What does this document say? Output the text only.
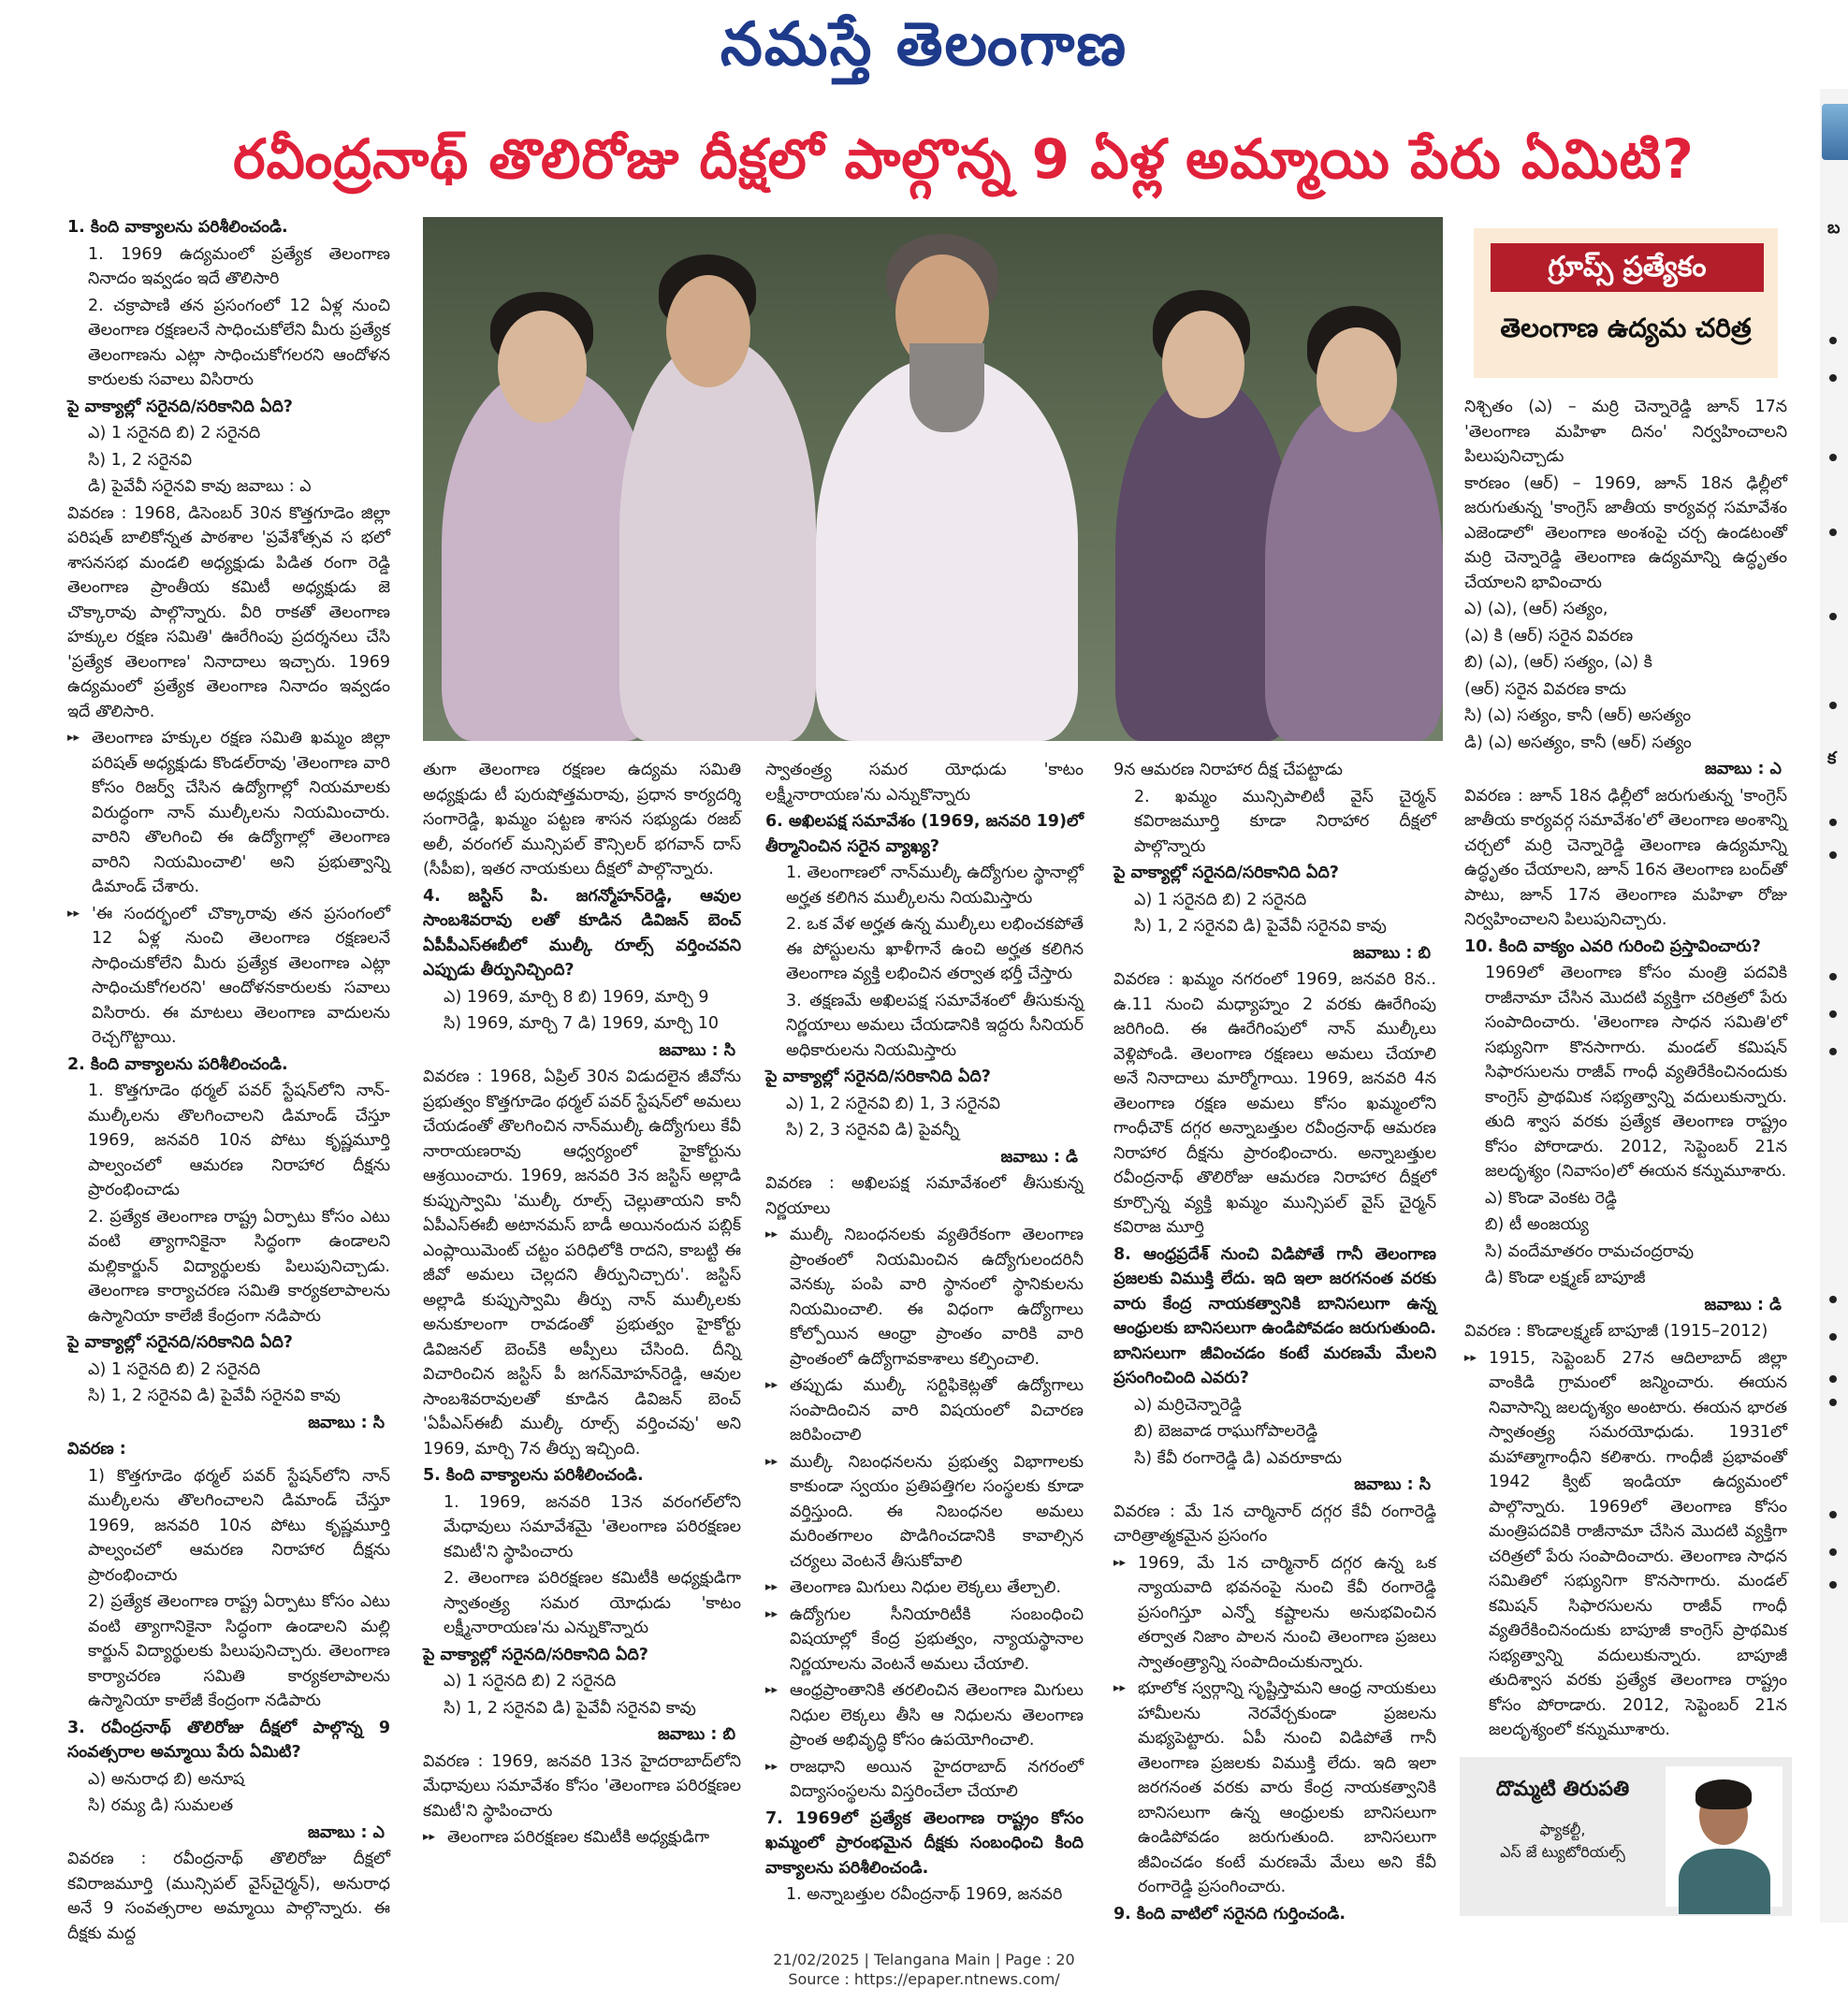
నమస్తే తెలంగాణ
రవీంద్రనాథ్ తొలిరోజు దీక్షలో పాల్గొన్న 9 ఏళ్ల అమ్మాయి పేరు ఏమిటి?
గ్రూప్స్ ప్రత్యేకం
తెలంగాణ ఉద్యమ చరిత్ర

1. కింది వాక్యాలను పరిశీలించండి.

1. 1969 ఉద్యమంలో ప్రత్యేక తెలంగాణ నినాదం ఇవ్వడం ఇదే తొలిసారి

2. చక్రాపాణి తన ప్రసంగంలో 12 ఏళ్ల నుంచి తెలంగాణ రక్షణలనే సాధించుకోలేని మీరు ప్రత్యేక తెలంగాణను ఎట్లా సాధించుకోగలరని ఆందోళన కారులకు సవాలు విసిరారు

పై వాక్యాల్లో సరైనది/సరికానిది ఏది?

ఎ) 1 సరైనది బి) 2 సరైనది

సి) 1, 2 సరైనవి

డి) పైవేవీ సరైనవి కావు జవాబు : ఎ

వివరణ : 1968, డిసెంబర్ 30న కొత్తగూడెం జిల్లా పరిషత్ బాలికోన్నత పాఠశాల 'ప్రవేశోత్సవ స భలో శాసనసభ మండలి అధ్యక్షుడు పిడిత రంగా రెడ్డి తెలంగాణ ప్రాంతీయ కమిటీ అధ్యక్షుడు జె చొక్కారావు పాల్గొన్నారు. వీరి రాకతో తెలంగాణ హక్కుల రక్షణ సమితి' ఊరేగింపు ప్రదర్శనలు చేసి 'ప్రత్యేక తెలంగాణ' నినాదాలు ఇచ్చారు. 1969 ఉద్యమంలో ప్రత్యేక తెలంగాణ నినాదం ఇవ్వడం ఇదే తొలిసారి.

▸▸ తెలంగాణ హక్కుల రక్షణ సమితి ఖమ్మం జిల్లా పరిషత్ అధ్యక్షుడు కొండల్‌రావు 'తెలంగాణ వారి కోసం రిజర్వ్ చేసిన ఉద్యోగాల్లో నియమాలకు విరుద్ధంగా నాన్ ముల్కీలను నియమించారు. వారిని తొలగించి ఈ ఉద్యోగాల్లో తెలంగాణ వారిని నియమించాలి' అని ప్రభుత్వాన్ని డిమాండ్ చేశారు.

▸▸ 'ఈ సందర్భంలో చొక్కారావు తన ప్రసంగంలో 12 ఏళ్ల నుంచి తెలంగాణ రక్షణలనే సాధించుకోలేని మీరు ప్రత్యేక తెలంగాణ ఎట్లా సాధించుకోగలరని' ఆందోళనకారులకు సవాలు విసిరారు. ఈ మాటలు తెలంగాణ వాదులను రెచ్చగొట్టాయి.

2. కింది వాక్యాలను పరిశీలించండి.

1. కొత్తగూడెం థర్మల్ పవర్ స్టేషన్‌లోని నాన్-ముల్కీలను తొలగించాలని డిమాండ్ చేస్తూ 1969, జనవరి 10న పోటు కృష్ణమూర్తి పాల్వంచలో ఆమరణ నిరాహార దీక్షను ప్రారంభించాడు

2. ప్రత్యేక తెలంగాణ రాష్ట్ర ఏర్పాటు కోసం ఎటు వంటి త్యాగానికైనా సిద్ధంగా ఉండాలని మల్లికార్జున్ విద్యార్థులకు పిలుపునిచ్చాడు. తెలంగాణ కార్యాచరణ సమితి కార్యకలాపాలను ఉస్మానియా కాలేజీ కేంద్రంగా నడిపారు

పై వాక్యాల్లో సరైనది/సరికానిది ఏది?

ఎ) 1 సరైనది బి) 2 సరైనది

సి) 1, 2 సరైనవి డి) పైవేవీ సరైనవి కావు

జవాబు : సి

వివరణ :

1) కొత్తగూడెం థర్మల్ పవర్ స్టేషన్‌లోని నాన్ ముల్కీలను తొలగించాలని డిమాండ్ చేస్తూ 1969, జనవరి 10న పోటు కృష్ణమూర్తి పాల్వంచలో ఆమరణ నిరాహార దీక్షను ప్రారంభించారు

2) ప్రత్యేక తెలంగాణ రాష్ట్ర ఏర్పాటు కోసం ఎటు వంటి త్యాగానికైనా సిద్ధంగా ఉండాలని మల్లి కార్జున్ విద్యార్థులకు పిలుపునిచ్చారు. తెలంగాణ కార్యాచరణ సమితి కార్యకలాపాలను ఉస్మానియా కాలేజీ కేంద్రంగా నడిపారు

3. రవీంద్రనాథ్ తొలిరోజు దీక్షలో పాల్గొన్న 9 సంవత్సరాల అమ్మాయి పేరు ఏమిటి?

ఎ) అనురాధ బి) అనూష

సి) రమ్య డి) సుమలత

జవాబు : ఎ

వివరణ : రవీంద్రనాథ్ తొలిరోజు దీక్షలో కవిరాజమూర్తి (మున్సిపల్ వైస్‌చైర్మన్), అనురాధ అనే 9 సంవత్సరాల అమ్మాయి పాల్గొన్నారు. ఈ దీక్షకు మద్ద

తుగా తెలంగాణ రక్షణల ఉద్యమ సమితి అధ్యక్షుడు టీ పురుషోత్తమరావు, ప్రధాన కార్యదర్శి సంగారెడ్డి, ఖమ్మం పట్టణ శాసన సభ్యుడు రజబ్ అలీ, వరంగల్ మున్సిపల్ కౌన్సిలర్ భగవాన్ దాస్ (సీపీఐ), ఇతర నాయకులు దీక్షలో పాల్గొన్నారు.

4. జస్టిస్ పి. జగన్మోహన్‌రెడ్డి, ఆవుల సాంబశివరావు లతో కూడిన డివిజన్ బెంచ్ ఏపీపీఎస్‌ఈబీలో ముల్కీ రూల్స్ వర్తించవని ఎప్పుడు తీర్పునిచ్చింది?

ఎ) 1969, మార్చి 8 బి) 1969, మార్చి 9

సి) 1969, మార్చి 7 డి) 1969, మార్చి 10

జవాబు : సి

వివరణ : 1968, ఏప్రిల్ 30న విడుదలైన జీవోను ప్రభుత్వం కొత్తగూడెం థర్మల్ పవర్ స్టేషన్‌లో అమలు చేయడంతో తొలగించిన నాన్‌ముల్కీ ఉద్యోగులు కేవీ నారాయణరావు ఆధ్వర్యంలో హైకోర్టును ఆశ్రయించారు. 1969, జనవరి 3న జస్టిస్ అల్లాడి కుప్పుస్వామి 'ముల్కీ రూల్స్ చెల్లుతాయని కానీ ఏపీఎస్‌ఈబీ అటానమస్ బాడీ అయినందున పబ్లిక్ ఎంప్లాయిమెంట్ చట్టం పరిధిలోకి రాదని, కాబట్టి ఈ జీవో అమలు చెల్లదని తీర్పునిచ్చారు'. జస్టిస్ అల్లాడి కుప్పుస్వామి తీర్పు నాన్ ముల్కీలకు అనుకూలంగా రావడంతో ప్రభుత్వం హైకోర్టు డివిజనల్ బెంచ్‌కి అప్పీలు చేసింది. దీన్ని విచారించిన జస్టిస్ పీ జగన్‌మోహన్‌రెడ్డి, ఆవుల సాంబశివరావులతో కూడిన డివిజన్ బెంచ్ 'ఏపీఎస్‌ఈబీ ముల్కీ రూల్స్ వర్తించవు' అని 1969, మార్చి 7న తీర్పు ఇచ్చింది.

5. కింది వాక్యాలను పరిశీలించండి.

1. 1969, జనవరి 13న వరంగల్‌లోని మేధావులు సమావేశమై 'తెలంగాణ పరిరక్షణల కమిటీ'ని స్థాపించారు

2. తెలంగాణ పరిరక్షణల కమిటీకి అధ్యక్షుడిగా స్వాతంత్ర్య సమర యోధుడు 'కాటం లక్ష్మీనారాయణ'ను ఎన్నుకొన్నారు

పై వాక్యాల్లో సరైనది/సరికానిది ఏది?

ఎ) 1 సరైనది బి) 2 సరైనది

సి) 1, 2 సరైనవి డి) పైవేవీ సరైనవి కావు

జవాబు : బి

వివరణ : 1969, జనవరి 13న హైదరాబాద్‌లోని మేధావులు సమావేశం కోసం 'తెలంగాణ పరిరక్షణల కమిటీ'ని స్థాపించారు

▸▸ తెలంగాణ పరిరక్షణల కమిటీకి అధ్యక్షుడిగా

స్వాతంత్ర్య సమర యోధుడు 'కాటం లక్ష్మీనారాయణ'ను ఎన్నుకొన్నారు

6. అఖిలపక్ష సమావేశం (1969, జనవరి 19)లో తీర్మానించిన సరైన వ్యాఖ్య?

1. తెలంగాణలో నాన్‌ముల్కీ ఉద్యోగుల స్థానాల్లో అర్హత కలిగిన ముల్కీలను నియమిస్తారు

2. ఒక వేళ అర్హత ఉన్న ముల్కీలు లభించకపోతే ఈ పోస్టులను ఖాళీగానే ఉంచి అర్హత కలిగిన తెలంగాణ వ్యక్తి లభించిన తర్వాత భర్తీ చేస్తారు

3. తక్షణమే అఖిలపక్ష సమావేశంలో తీసుకున్న నిర్ణయాలు అమలు చేయడానికి ఇద్దరు సీనియర్ అధికారులను నియమిస్తారు

పై వాక్యాల్లో సరైనది/సరికానిది ఏది?

ఎ) 1, 2 సరైనవి బి) 1, 3 సరైనవి

సి) 2, 3 సరైనవి డి) పైవన్నీ

జవాబు : డి

వివరణ : అఖిలపక్ష సమావేశంలో తీసుకున్న నిర్ణయాలు

▸▸ ముల్కీ నిబంధనలకు వ్యతిరేకంగా తెలంగాణ ప్రాంతంలో నియమించిన ఉద్యోగులందరినీ వెనక్కు పంపి వారి స్థానంలో స్థానికులను నియమించాలి. ఈ విధంగా ఉద్యోగాలు కోల్పోయిన ఆంధ్రా ప్రాంతం వారికి వారి ప్రాంతంలో ఉద్యోగావకాశాలు కల్పించాలి.

▸▸ తప్పుడు ముల్కీ సర్టిఫికెట్లతో ఉద్యోగాలు సంపాదించిన వారి విషయంలో విచారణ జరిపించాలి

▸▸ ముల్కీ నిబంధనలను ప్రభుత్వ విభాగాలకు కాకుండా స్వయం ప్రతిపత్తిగల సంస్థలకు కూడా వర్తిస్తుంది. ఈ నిబంధనల అమలు మరింతగాలం పొడిగించడానికి కావాల్సిన చర్యలు వెంటనే తీసుకోవాలి

▸▸ తెలంగాణ మిగులు నిధుల లెక్కలు తేల్చాలి.

▸▸ ఉద్యోగుల సీనియారిటీకి సంబంధించి విషయాల్లో కేంద్ర ప్రభుత్వం, న్యాయస్థానాల నిర్ణయాలను వెంటనే అమలు చేయాలి.

▸▸ ఆంధ్రప్రాంతానికి తరలించిన తెలంగాణ మిగులు నిధుల లెక్కలు తీసి ఆ నిధులను తెలంగాణ ప్రాంత అభివృద్ధి కోసం ఉపయోగించాలి.

▸▸ రాజధాని అయిన హైదరాబాద్ నగరంలో విద్యాసంస్థలను విస్తరించేలా చేయాలి

7. 1969లో ప్రత్యేక తెలంగాణ రాష్ట్రం కోసం ఖమ్మంలో ప్రారంభమైన దీక్షకు సంబంధించి కింది వాక్యాలను పరిశీలించండి.

1. అన్నాబత్తుల రవీంద్రనాథ్ 1969, జనవరి

9న ఆమరణ నిరాహార దీక్ష చేపట్టాడు

2. ఖమ్మం మున్సిపాలిటీ వైస్ చైర్మన్ కవిరాజమూర్తి కూడా నిరాహార దీక్షలో పాల్గొన్నారు

పై వాక్యాల్లో సరైనది/సరికానిది ఏది?

ఎ) 1 సరైనది బి) 2 సరైనది

సి) 1, 2 సరైనవి డి) పైవేవీ సరైనవి కావు

జవాబు : బి

వివరణ : ఖమ్మం నగరంలో 1969, జనవరి 8న.. ఉ.11 నుంచి మధ్యాహ్నం 2 వరకు ఊరేగింపు జరిగింది. ఈ ఊరేగింపులో నాన్ ముల్కీలు వెళ్లిపోండి. తెలంగాణ రక్షణలు అమలు చేయాలి అనే నినాదాలు మార్మోగాయి. 1969, జనవరి 4న తెలంగాణ రక్షణ అమలు కోసం ఖమ్మంలోని గాంధీచౌక్ దగ్గర అన్నాబత్తుల రవీంద్రనాథ్ ఆమరణ నిరాహార దీక్షను ప్రారంభించారు. అన్నాబత్తుల రవీంద్రనాథ్ తొలిరోజు ఆమరణ నిరాహార దీక్షలో కూర్చొన్న వ్యక్తి ఖమ్మం మున్సిపల్ వైస్ చైర్మన్ కవిరాజ మూర్తి

8. ఆంధ్రప్రదేశ్ నుంచి విడిపోతే గానీ తెలంగాణ ప్రజలకు విముక్తి లేదు. ఇది ఇలా జరగనంత వరకు వారు కేంద్ర నాయకత్వానికి బానిసలుగా ఉన్న ఆంధ్రులకు బానిసలుగా ఉండిపోవడం జరుగుతుంది. బానిసలుగా జీవించడం కంటే మరణమే మేలని ప్రసంగించింది ఎవరు?

ఎ) మర్రిచెన్నారెడ్డి

బి) బెజవాడ రాఘుగోపాలరెడ్డి

సి) కేవీ రంగారెడ్డి డి) ఎవరూకాదు

జవాబు : సి

వివరణ : మే 1న చార్మినార్ దగ్గర కేవీ రంగారెడ్డి చారిత్రాత్మకమైన ప్రసంగం

▸▸ 1969, మే 1న చార్మినార్ దగ్గర ఉన్న ఒక న్యాయవాది భవనంపై నుంచి కేవీ రంగారెడ్డి ప్రసంగిస్తూ ఎన్నో కష్టాలను అనుభవించిన తర్వాత నిజాం పాలన నుంచి తెలంగాణ ప్రజలు స్వాతంత్ర్యాన్ని సంపాదించుకున్నారు.

▸▸ భూలోక స్వర్గాన్ని సృష్టిస్తామని ఆంధ్ర నాయకులు హామీలను నెరవేర్చకుండా ప్రజలను మభ్యపెట్టారు. ఏపీ నుంచి విడిపోతే గానీ తెలంగాణ ప్రజలకు విముక్తి లేదు. ఇది ఇలా జరగనంత వరకు వారు కేంద్ర నాయకత్వానికి బానిసలుగా ఉన్న ఆంధ్రులకు బానిసలుగా ఉండిపోవడం జరుగుతుంది. బానిసలుగా జీవించడం కంటే మరణమే మేలు అని కేవీ రంగారెడ్డి ప్రసంగించారు.

9. కింది వాటిలో సరైనది గుర్తించండి.

నిశ్చితం (ఎ) – మర్రి చెన్నారెడ్డి జూన్ 17న 'తెలంగాణ మహిళా దినం' నిర్వహించాలని పిలుపునిచ్చాడు

కారణం (ఆర్) – 1969, జూన్ 18న ఢిల్లీలో జరుగుతున్న 'కాంగ్రెస్ జాతీయ కార్యవర్గ సమావేశం ఎజెండాలో' తెలంగాణ అంశంపై చర్చ ఉండటంతో మర్రి చెన్నారెడ్డి తెలంగాణ ఉద్యమాన్ని ఉద్ధృతం చేయాలని భావించారు

ఎ) (ఎ), (ఆర్) సత్యం,

(ఎ) కి (ఆర్) సరైన వివరణ

బి) (ఎ), (ఆర్) సత్యం, (ఎ) కి

(ఆర్) సరైన వివరణ కాదు

సి) (ఎ) సత్యం, కానీ (ఆర్) అసత్యం

డి) (ఎ) అసత్యం, కానీ (ఆర్) సత్యం

జవాబు : ఎ

వివరణ : జూన్ 18న ఢిల్లీలో జరుగుతున్న 'కాంగ్రెస్ జాతీయ కార్యవర్గ సమావేశం'లో తెలంగాణ అంశాన్ని చర్చలో మర్రి చెన్నారెడ్డి తెలంగాణ ఉద్యమాన్ని ఉద్ధృతం చేయాలని, జూన్ 16న తెలంగాణ బంద్‌తో పాటు, జూన్ 17న తెలంగాణ మహిళా రోజు నిర్వహించాలని పిలుపునిచ్చారు.

10. కింది వాక్యం ఎవరి గురించి ప్రస్తావించారు?

1969లో తెలంగాణ కోసం మంత్రి పదవికి రాజీనామా చేసిన మొదటి వ్యక్తిగా చరిత్రలో పేరు సంపాదించారు. 'తెలంగాణ సాధన సమితి'లో సభ్యునిగా కొనసాగారు. మండల్ కమిషన్ సిఫారసులను రాజీవ్ గాంధీ వ్యతిరేకించినందుకు కాంగ్రెస్ ప్రాథమిక సభ్యత్వాన్ని వదులుకున్నారు. తుది శ్వాస వరకు ప్రత్యేక తెలంగాణ రాష్ట్రం కోసం పోరాడారు. 2012, సెప్టెంబర్ 21న జలదృశ్యం (నివాసం)లో ఈయన కన్నుమూశారు.

ఎ) కొండా వెంకట రెడ్డి

బి) టీ అంజయ్య

సి) వందేమాతరం రామచంద్రరావు

డి) కొండా లక్ష్మణ్ బాపూజీ

జవాబు : డి

వివరణ : కొండాలక్ష్మణ్ బాపూజీ (1915–2012)

▸▸ 1915, సెప్టెంబర్ 27న ఆదిలాబాద్ జిల్లా వాంకిడి గ్రామంలో జన్మించారు. ఈయన నివాసాన్ని జలదృశ్యం అంటారు. ఈయన భారత స్వాతంత్ర్య సమరయోధుడు. 1931లో మహాత్మాగాంధీని కలిశారు. గాంధీజీ ప్రభావంతో 1942 క్విట్ ఇండియా ఉద్యమంలో పాల్గొన్నారు. 1969లో తెలంగాణ కోసం మంత్రిపదవికి రాజీనామా చేసిన మొదటి వ్యక్తిగా చరిత్రలో పేరు సంపాదించారు. తెలంగాణ సాధన సమితిలో సభ్యునిగా కొనసాగారు. మండల్ కమిషన్ సిఫారసులను రాజీవ్ గాంధీ వ్యతిరేకించినందుకు బాపూజీ కాంగ్రెస్ ప్రాథమిక సభ్యత్వాన్ని వదులుకున్నారు. బాపూజీ తుదిశ్వాస వరకు ప్రత్యేక తెలంగాణ రాష్ట్రం కోసం పోరాడారు. 2012, సెప్టెంబర్ 21న జలదృశ్యంలో కన్నుమూశారు.

దొమ్మటి తిరుపతి
ఫ్యాకల్టీ,
ఎస్ జే ట్యుటోరియల్స్
బ
క
21/02/2025 | Telangana Main | Page : 20
Source : https://epaper.ntnews.com/
